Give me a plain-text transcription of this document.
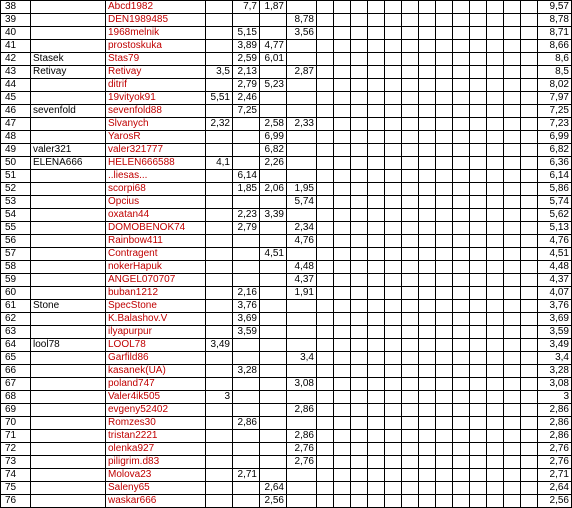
38		Abcd1982		7,7	1,87															9,57
39		DEN1989485				8,78														8,78
40		1968melnik		5,15		3,56														8,71
41		prostoskuka		3,89	4,77															8,66
42	Stasek	Stas79		2,59	6,01															8,6
43	Retivay	Retivay	3,5	2,13		2,87														8,5
44		ditrif		2,79	5,23															8,02
45		19vityok91	5,51	2,46																7,97
46	sevenfold	sevenfold88		7,25																7,25
47		Slvanych	2,32		2,58	2,33														7,23
48		YarosR			6,99															6,99
49	valer321	valer321777			6,82															6,82
50	ELENA666	HELEN666588	4,1		2,26															6,36
51		..liesas...		6,14																6,14
52		scorpi68		1,85	2,06	1,95														5,86
53		Opcius				5,74														5,74
54		oxatan44		2,23	3,39															5,62
55		DOMOBENOK74		2,79		2,34														5,13
56		Rainbow411				4,76														4,76
57		Contragent			4,51															4,51
58		nokerHapuk				4,48														4,48
59		ANGEL070707				4,37														4,37
60		buban1212		2,16		1,91														4,07
61	Stone	SpecStone		3,76																3,76
62		K.Balashov.V		3,69																3,69
63		ilyapurpur		3,59																3,59
64	lool78	LOOL78	3,49																	3,49
65		Garfild86				3,4														3,4
66		kasanek(UA)		3,28																3,28
67		poland747				3,08														3,08
68		Valer4ik505	3																	3
69		evgeny52402				2,86														2,86
70		Romzes30		2,86																2,86
71		tristan2221				2,86														2,86
72		olenka927				2,76														2,76
73		piligrim.d83				2,76														2,76
74		Molova23		2,71																2,71
75		Saleny65			2,64															2,64
76		waskar666			2,56															2,56
